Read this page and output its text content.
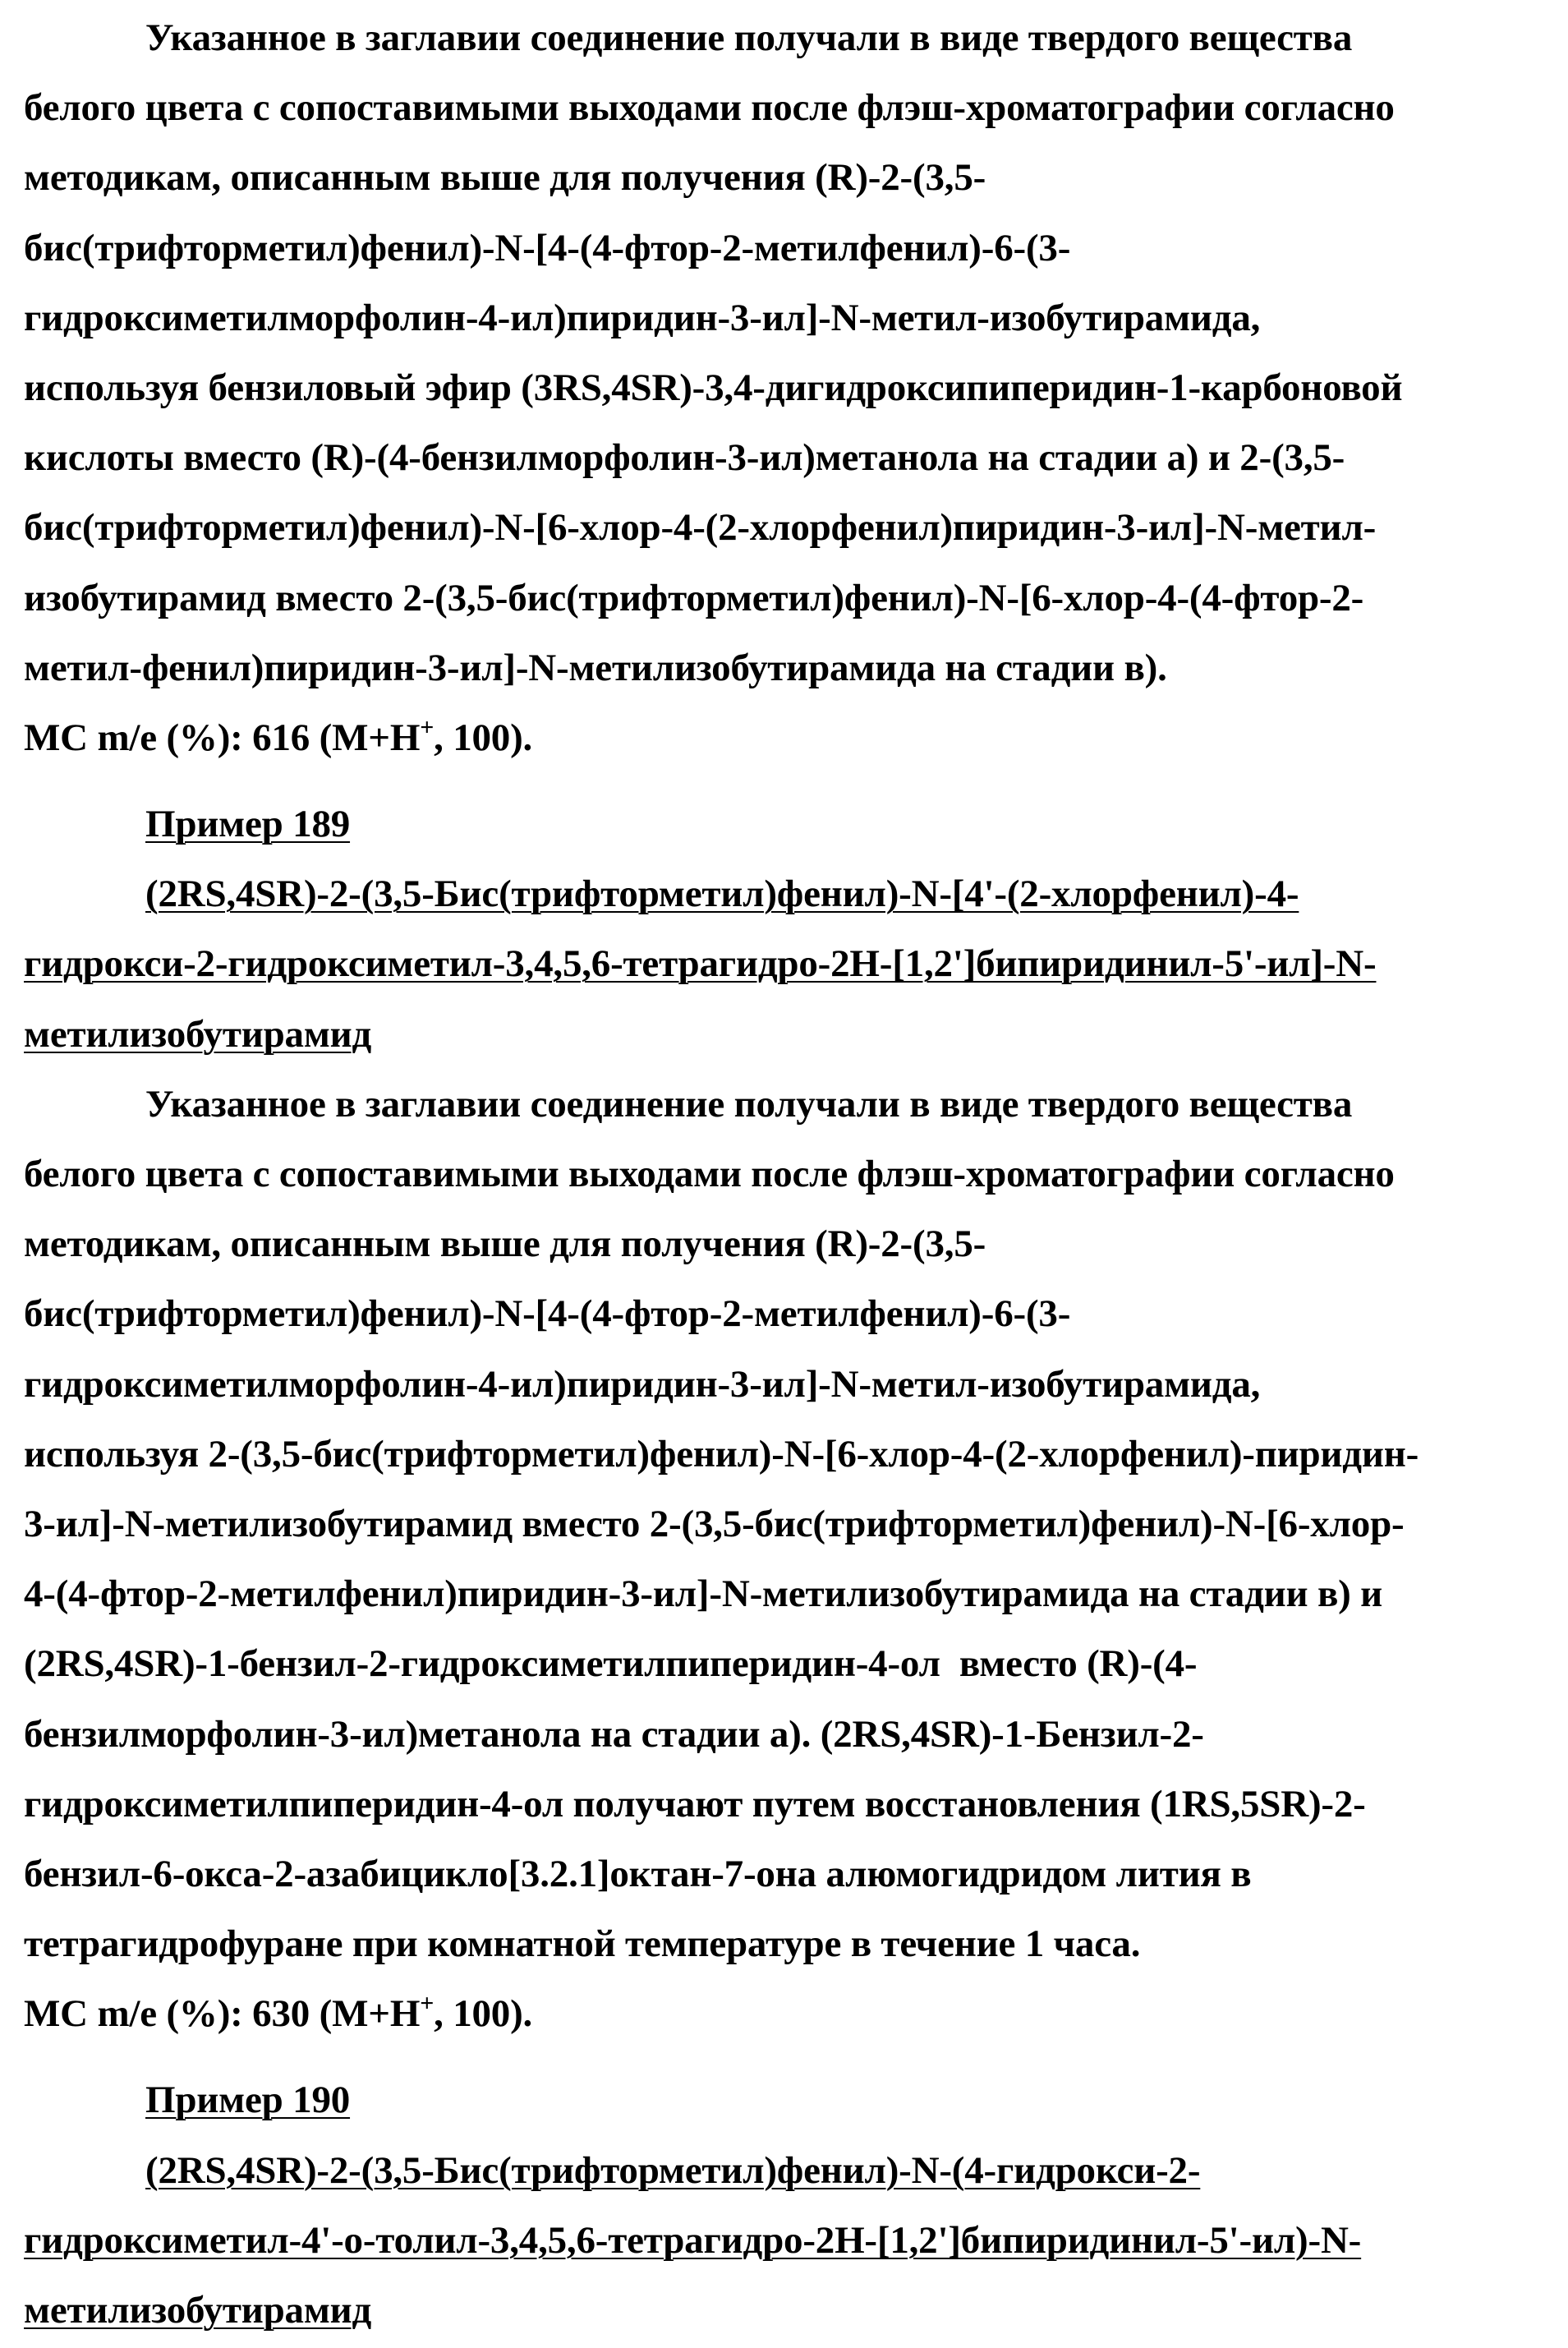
Указанное в заглавии соединение получали в виде твердого вещества
белого цвета с сопоставимыми выходами после флэш-хроматографии согласно
методикам, описанным выше для получения (R)-2-(3,5-
бис(трифторметил)фенил)-N-[4-(4-фтор-2-метилфенил)-6-(3-
гидроксиметилморфолин-4-ил)пиридин-3-ил]-N-метил-изобутирамида,
используя бензиловый эфир (3RS,4SR)-3,4-дигидроксипиперидин-1-карбоновой
кислоты вместо (R)-(4-бензилморфолин-3-ил)метанола на стадии а) и 2-(3,5-
бис(трифторметил)фенил)-N-[6-хлор-4-(2-хлорфенил)пиридин-3-ил]-N-метил-
изобутирамид вместо 2-(3,5-бис(трифторметил)фенил)-N-[6-хлор-4-(4-фтор-2-
метил-фенил)пиридин-3-ил]-N-метилизобутирамида на стадии в).
МС m/e (%): 616 (M+H+, 100).
Пример 189
(2RS,4SR)-2-(3,5-Бис(трифторметил)фенил)-N-[4'-(2-хлорфенил)-4-
гидрокси-2-гидроксиметил-3,4,5,6-тетрагидро-2H-[1,2']бипиридинил-5'-ил]-N-
метилизобутирамид
Указанное в заглавии соединение получали в виде твердого вещества
белого цвета с сопоставимыми выходами после флэш-хроматографии согласно
методикам, описанным выше для получения (R)-2-(3,5-
бис(трифторметил)фенил)-N-[4-(4-фтор-2-метилфенил)-6-(3-
гидроксиметилморфолин-4-ил)пиридин-3-ил]-N-метил-изобутирамида,
используя 2-(3,5-бис(трифторметил)фенил)-N-[6-хлор-4-(2-хлорфенил)-пиридин-
3-ил]-N-метилизобутирамид вместо 2-(3,5-бис(трифторметил)фенил)-N-[6-хлор-
4-(4-фтор-2-метилфенил)пиридин-3-ил]-N-метилизобутирамида на стадии в) и
(2RS,4SR)-1-бензил-2-гидроксиметилпиперидин-4-ол  вместо (R)-(4-
бензилморфолин-3-ил)метанола на стадии а). (2RS,4SR)-1-Бензил-2-
гидроксиметилпиперидин-4-ол получают путем восстановления (1RS,5SR)-2-
бензил-6-окса-2-азабицикло[3.2.1]октан-7-она алюмогидридом лития в
тетрагидрофуране при комнатной температуре в течение 1 часа.
МС m/e (%): 630 (M+H+, 100).
Пример 190
(2RS,4SR)-2-(3,5-Бис(трифторметил)фенил)-N-(4-гидрокси-2-
гидроксиметил-4'-о-толил-3,4,5,6-тетрагидро-2H-[1,2']бипиридинил-5'-ил)-N-
метилизобутирамид
